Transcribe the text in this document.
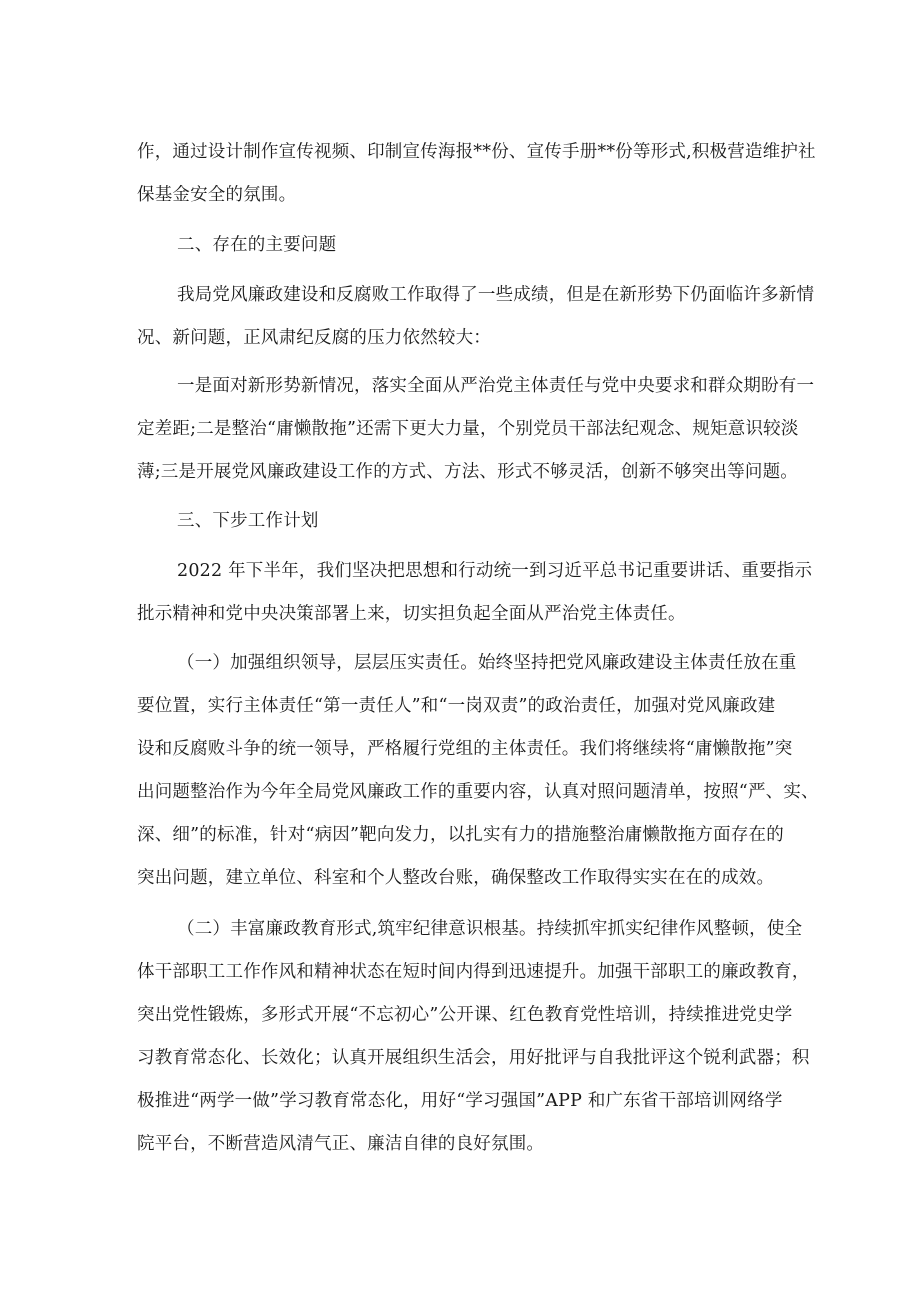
作，通过设计制作宣传视频、印制宣传海报**份、宣传手册**份等形式,积极营造维护社
保基金安全的氛围。
二、存在的主要问题
我局党风廉政建设和反腐败工作取得了一些成绩，但是在新形势下仍面临许多新情
况、新问题，正风肃纪反腐的压力依然较大：
一是面对新形势新情况，落实全面从严治党主体责任与党中央要求和群众期盼有一
定差距;二是整治“庸懒散拖”还需下更大力量，个别党员干部法纪观念、规矩意识较淡
薄;三是开展党风廉政建设工作的方式、方法、形式不够灵活，创新不够突出等问题。
三、下步工作计划
2022 年下半年，我们坚决把思想和行动统一到习近平总书记重要讲话、重要指示
批示精神和党中央决策部署上来，切实担负起全面从严治党主体责任。
（一）加强组织领导，层层压实责任。始终坚持把党风廉政建设主体责任放在重
要位置，实行主体责任“第一责任人”和“一岗双责”的政治责任，加强对党风廉政建
设和反腐败斗争的统一领导，严格履行党组的主体责任。我们将继续将“庸懒散拖”突
出问题整治作为今年全局党风廉政工作的重要内容，认真对照问题清单，按照“严、实、
深、细”的标准，针对“病因”靶向发力，以扎实有力的措施整治庸懒散拖方面存在的
突出问题，建立单位、科室和个人整改台账，确保整改工作取得实实在在的成效。
（二）丰富廉政教育形式,筑牢纪律意识根基。持续抓牢抓实纪律作风整顿，使全
体干部职工工作作风和精神状态在短时间内得到迅速提升。加强干部职工的廉政教育，
突出党性锻炼，多形式开展“不忘初心”公开课、红色教育党性培训，持续推进党史学
习教育常态化、长效化；认真开展组织生活会，用好批评与自我批评这个锐利武器；积
极推进“两学一做”学习教育常态化，用好“学习强国”APP 和广东省干部培训网络学
院平台，不断营造风清气正、廉洁自律的良好氛围。
